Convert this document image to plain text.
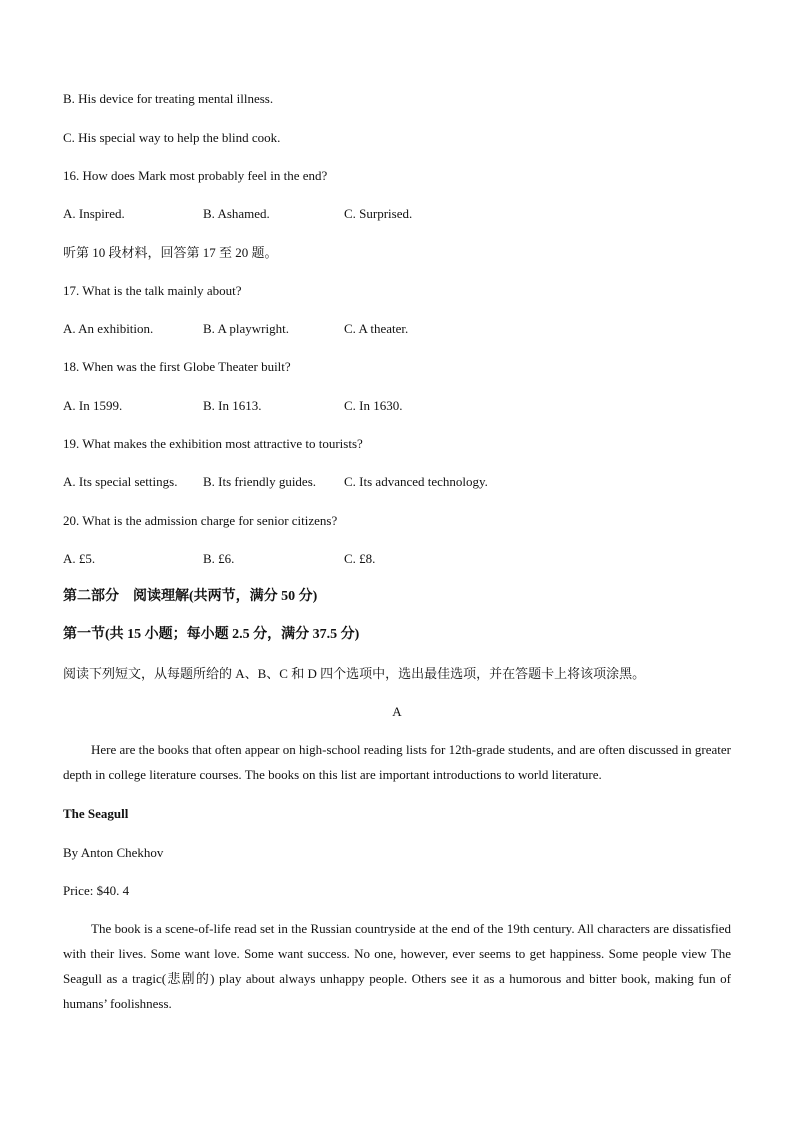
B. His device for treating mental illness.
C. His special way to help the blind cook.
16. How does Mark most probably feel in the end?
A. Inspired.	B. Ashamed.	C. Surprised.
听第 10 段材料，回答第 17 至 20 题。
17. What is the talk mainly about?
A. An exhibition.	B. A playwright.	C. A theater.
18. When was the first Globe Theater built?
A. In 1599.	B. In 1613.	C. In 1630.
19. What makes the exhibition most attractive to tourists?
A. Its special settings. B. Its friendly guides. C. Its advanced technology.
20. What is the admission charge for senior citizens?
A. £5.	B. £6.	C. £8.
第二部分    阅读理解(共两节，满分 50 分)
第一节(共 15 小题；每小题 2.5 分，满分 37.5 分)
阅读下列短文，从每题所给的 A、B、C 和 D 四个选项中，选出最佳选项，并在答题卡上将该项涂黑。
A
Here are the books that often appear on high-school reading lists for 12th-grade students, and are often discussed in greater depth in college literature courses. The books on this list are important introductions to world literature.
The Seagull
By Anton Chekhov
Price: $40. 4
The book is a scene-of-life read set in the Russian countryside at the end of the 19th century. All characters are dissatisfied with their lives. Some want love. Some want success. No one, however, ever seems to get happiness. Some people view The Seagull as a tragic(悲剧的) play about always unhappy people. Others see it as a humorous and bitter book, making fun of humans’ foolishness.
